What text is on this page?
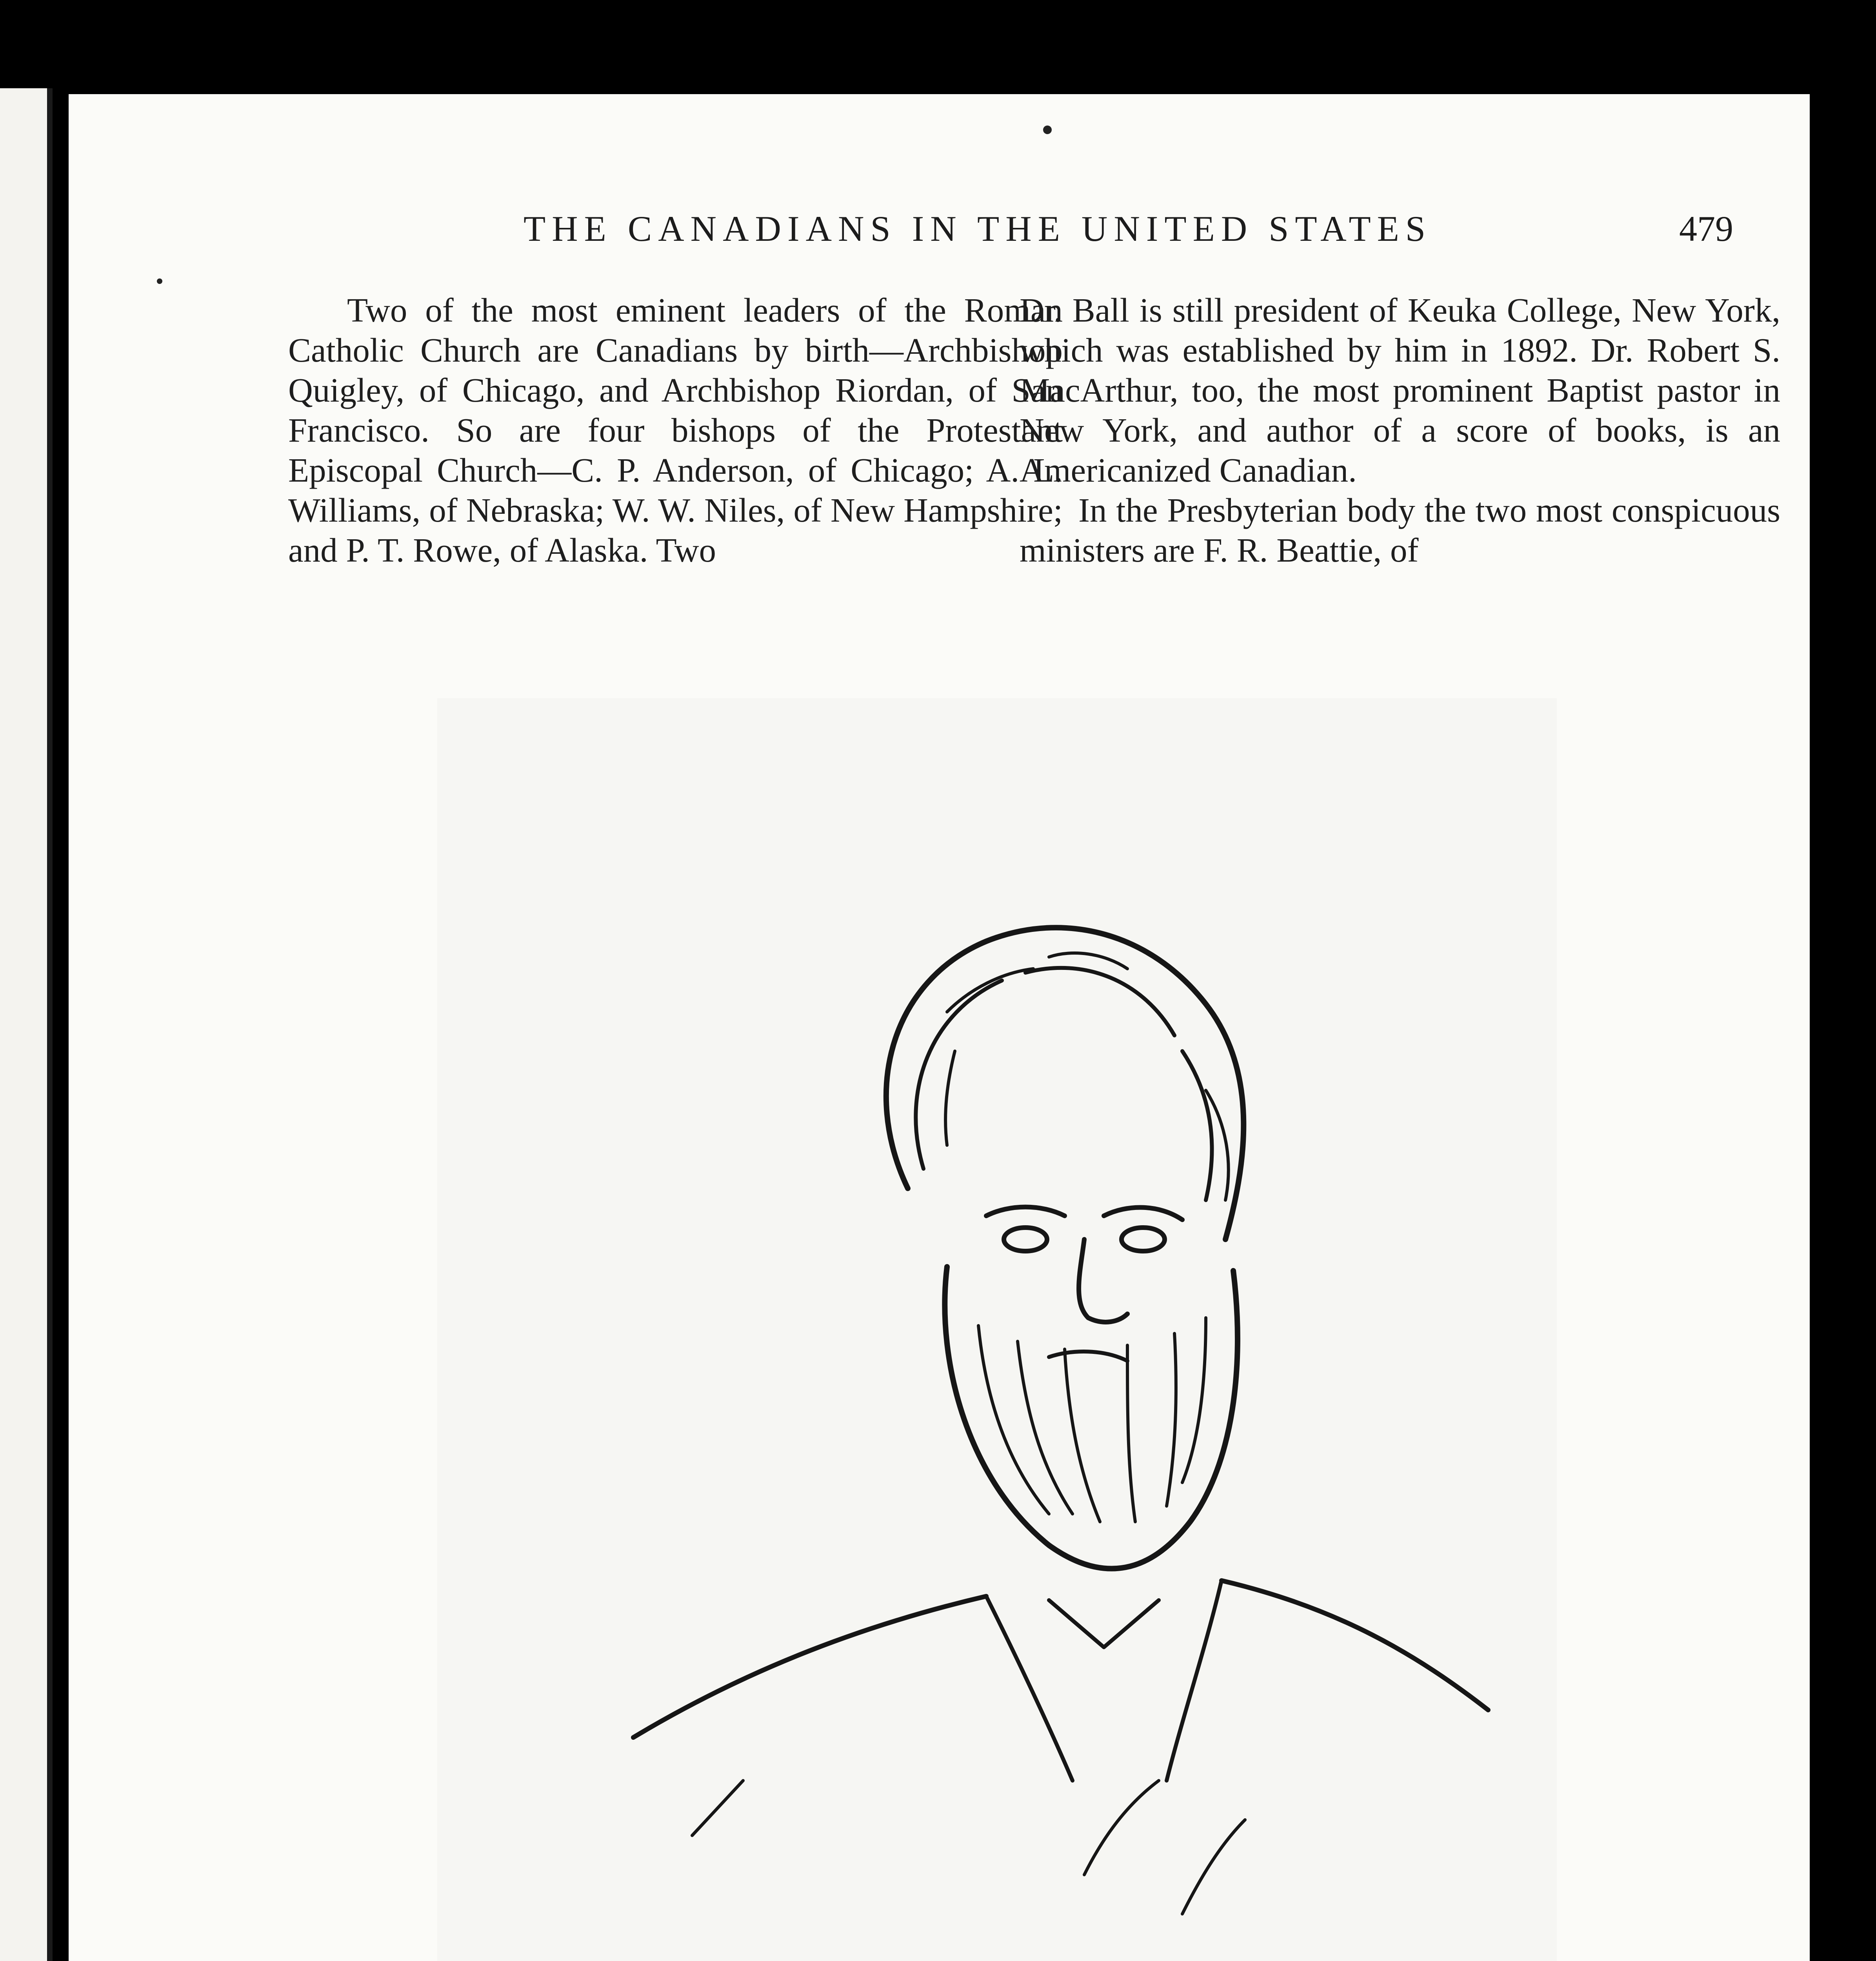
THE CANADIANS IN THE UNITED STATES	479

Two of the most eminent leaders of the Roman Catholic Church are Canadians by birth—Archbishop Quigley, of Chicago, and Archbishop Riordan, of San Francisco. So are four bishops of the Protestant Episcopal Church—C. P. Anderson, of Chicago; A. L. Williams, of Nebraska; W. W. Niles, of New Hampshire; and P. T. Rowe, of Alaska. Two

Dr. Ball is still president of Keuka College, New York, which was established by him in 1892. Dr. Robert S. MacArthur, too, the most prominent Baptist pastor in New York, and author of a score of books, is an Americanized Canadian.

In the Presbyterian body the two most conspicuous ministers are F. R. Beattie, of
